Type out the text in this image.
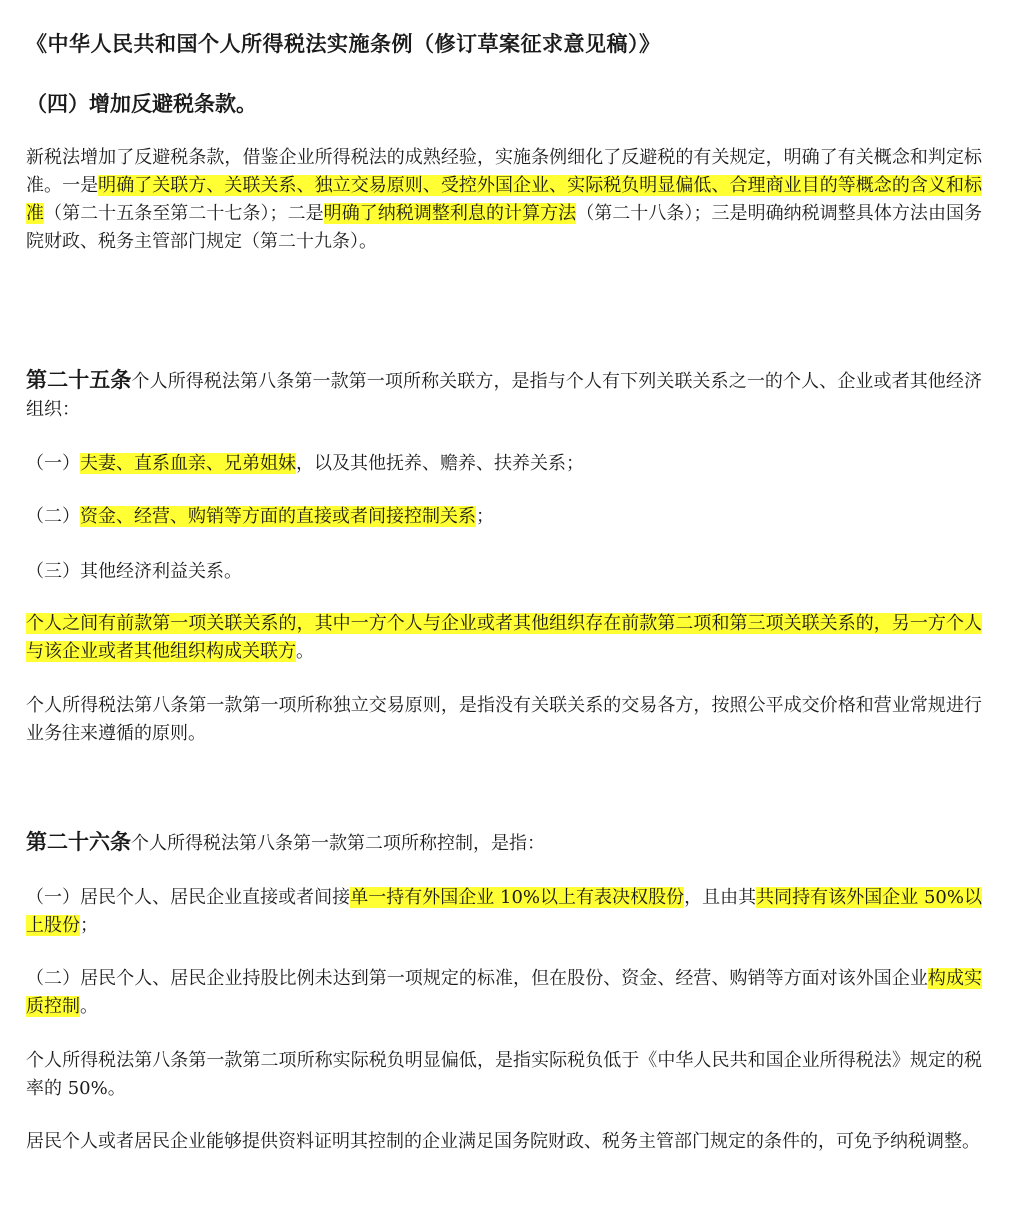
《中华人民共和国个人所得税法实施条例（修订草案征求意见稿）》
（四）增加反避税条款。

新税法增加了反避税条款，借鉴企业所得税法的成熟经验，实施条例细化了反避税的有关规定，明确了有关概念和判定标准。一是明确了关联方、关联关系、独立交易原则、受控外国企业、实际税负明显偏低、合理商业目的等概念的含义和标准（第二十五条至第二十七条）；二是明确了纳税调整利息的计算方法（第二十八条）；三是明确纳税调整具体方法由国务院财政、税务主管部门规定（第二十九条）。

第二十五条个人所得税法第八条第一款第一项所称关联方，是指与个人有下列关联关系之一的个人、企业或者其他经济组织：

（一）夫妻、直系血亲、兄弟姐妹，以及其他抚养、赡养、扶养关系；

（二）资金、经营、购销等方面的直接或者间接控制关系；

（三）其他经济利益关系。

个人之间有前款第一项关联关系的，其中一方个人与企业或者其他组织存在前款第二项和第三项关联关系的，另一方个人与该企业或者其他组织构成关联方。

个人所得税法第八条第一款第一项所称独立交易原则，是指没有关联关系的交易各方，按照公平成交价格和营业常规进行业务往来遵循的原则。

第二十六条个人所得税法第八条第一款第二项所称控制，是指：

（一）居民个人、居民企业直接或者间接单一持有外国企业 10%以上有表决权股份，且由其共同持有该外国企业 50%以上股份；

（二）居民个人、居民企业持股比例未达到第一项规定的标准，但在股份、资金、经营、购销等方面对该外国企业构成实质控制。

个人所得税法第八条第一款第二项所称实际税负明显偏低，是指实际税负低于《中华人民共和国企业所得税法》规定的税率的 50%。

居民个人或者居民企业能够提供资料证明其控制的企业满足国务院财政、税务主管部门规定的条件的，可免予纳税调整。
